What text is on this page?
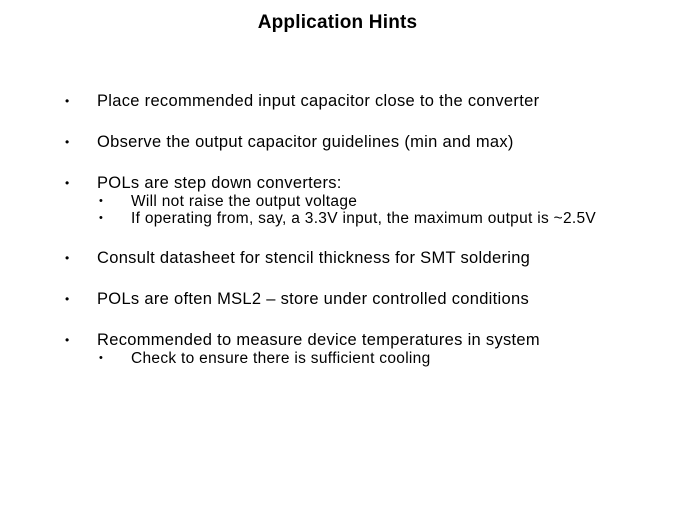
Application Hints
•	Place recommended input capacitor close to the converter
•	Observe the output capacitor guidelines (min and max)
•	POLs are step down converters:
•	Will not raise the output voltage
•	If operating from, say, a 3.3V input, the maximum output is ~2.5V
•	Consult datasheet for stencil thickness for SMT soldering
•	POLs are often MSL2 – store under controlled conditions
•	Recommended to measure device temperatures in system
•	Check to ensure there is sufficient cooling
